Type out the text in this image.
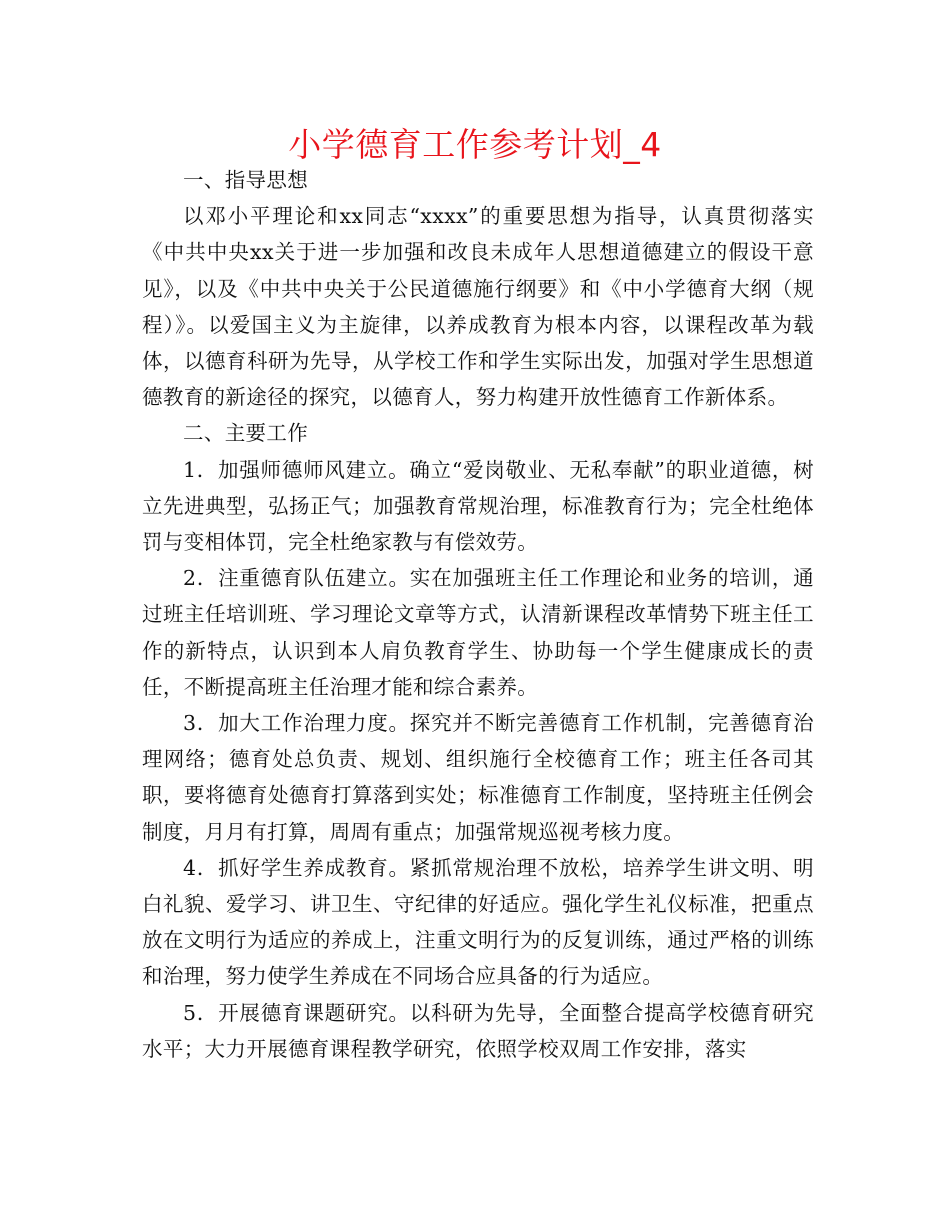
小学德育工作参考计划_4

一、指导思想

以邓小平理论和xx同志“xxxx”的重要思想为指导，认真贯彻落实《中共中央xx关于进一步加强和改良未成年人思想道德建立的假设干意见》，以及《中共中央关于公民道德施行纲要》和《中小学德育大纲（规程）》。以爱国主义为主旋律，以养成教育为根本内容，以课程改革为载体，以德育科研为先导，从学校工作和学生实际出发，加强对学生思想道德教育的新途径的探究，以德育人，努力构建开放性德育工作新体系。

二、主要工作

1．加强师德师风建立。确立“爱岗敬业、无私奉献”的职业道德，树立先进典型，弘扬正气；加强教育常规治理，标准教育行为；完全杜绝体罚与变相体罚，完全杜绝家教与有偿效劳。

2．注重德育队伍建立。实在加强班主任工作理论和业务的培训，通过班主任培训班、学习理论文章等方式，认清新课程改革情势下班主任工作的新特点，认识到本人肩负教育学生、协助每一个学生健康成长的责任，不断提高班主任治理才能和综合素养。

3．加大工作治理力度。探究并不断完善德育工作机制，完善德育治理网络；德育处总负责、规划、组织施行全校德育工作；班主任各司其职，要将德育处德育打算落到实处；标准德育工作制度，坚持班主任例会制度，月月有打算，周周有重点；加强常规巡视考核力度。

4．抓好学生养成教育。紧抓常规治理不放松，培养学生讲文明、明白礼貌、爱学习、讲卫生、守纪律的好适应。强化学生礼仪标准，把重点放在文明行为适应的养成上，注重文明行为的反复训练，通过严格的训练和治理，努力使学生养成在不同场合应具备的行为适应。

5．开展德育课题研究。以科研为先导，全面整合提高学校德育研究水平；大力开展德育课程教学研究，依照学校双周工作安排，落实
